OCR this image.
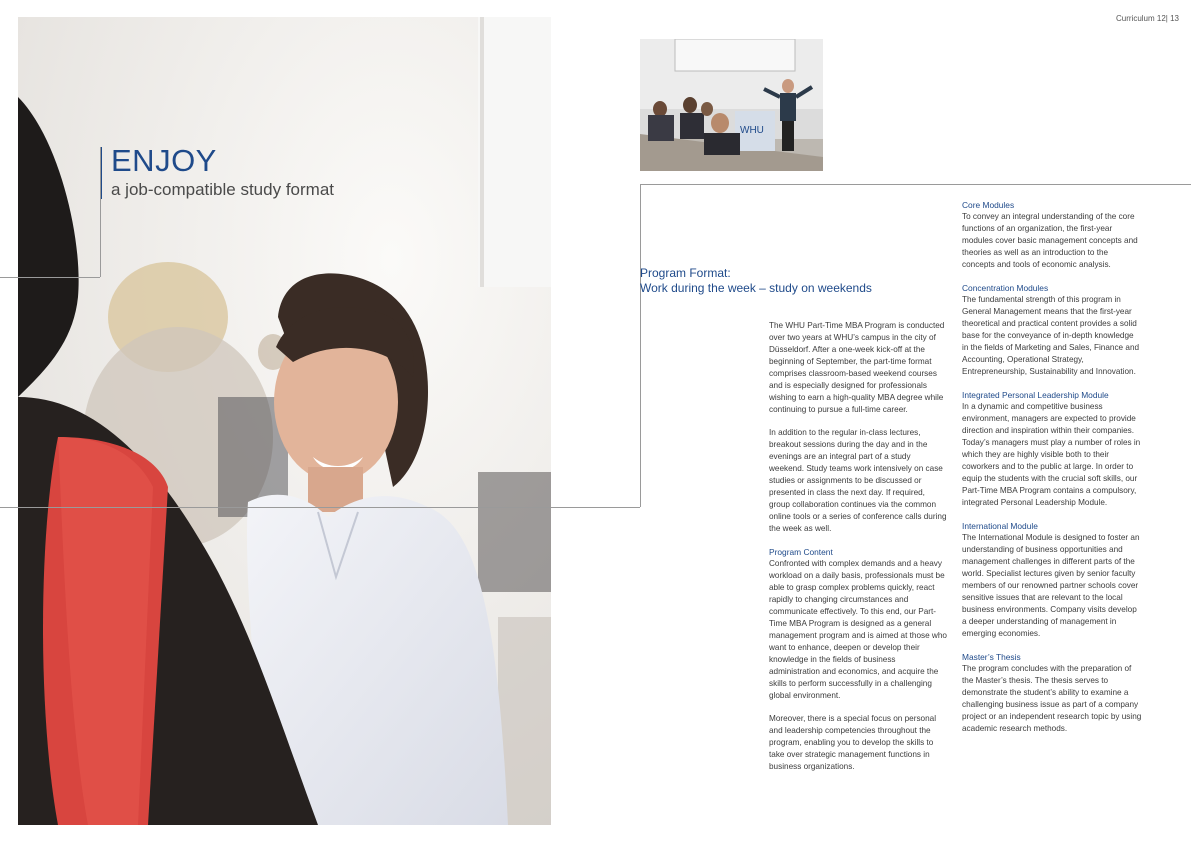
ENJOY
a job-compatible study format
Curriculum 12| 13
WHU
Program Format:
Work during the week – study on weekends

The WHU Part-Time MBA Program is conducted over two years at WHU’s campus in the city of Düsseldorf. After a one-week kick-off at the beginning of September, the part-time format comprises classroom-based weekend courses and is especially designed for professionals wishing to earn a high-quality MBA degree while continuing to pursue a full-time career.

In addition to the regular in-class lectures, breakout sessions during the day and in the evenings are an integral part of a study weekend. Study teams work intensively on case studies or assignments to be discussed or presented in class the next day. If required, group collaboration continues via the common online tools or a series of conference calls during the week as well.

Program Content

Confronted with complex demands and a heavy workload on a daily basis, professionals must be able to grasp complex problems quickly, react rapidly to changing circumstances and communicate effectively. To this end, our Part-Time MBA Program is designed as a general management program and is aimed at those who want to enhance, deepen or develop their knowledge in the fields of business administration and economics, and acquire the skills to perform successfully in a challenging global environment.

Moreover, there is a special focus on personal and leadership competencies throughout the program, enabling you to develop the skills to take over strategic management functions in business organizations.

Core Modules

To convey an integral understanding of the core functions of an organization, the first-year modules cover basic management concepts and theories as well as an introduction to the concepts and tools of economic analysis.

Concentration Modules

The fundamental strength of this program in General Management means that the first-year theoretical and practical content provides a solid base for the conveyance of in-depth knowledge in the fields of Marketing and Sales, Finance and Accounting, Operational Strategy, Entrepreneurship, Sustainability and Innovation.

Integrated Personal Leadership Module

In a dynamic and competitive business environment, managers are expected to provide direction and inspiration within their companies. Today’s managers must play a number of roles in which they are highly visible both to their coworkers and to the public at large. In order to equip the students with the crucial soft skills, our Part-Time MBA Program contains a compulsory, integrated Personal Leadership Module.

International Module

The International Module is designed to foster an understanding of business opportunities and management challenges in different parts of the world. Specialist lectures given by senior faculty members of our renowned partner schools cover sensitive issues that are relevant to the local business environments. Company visits develop a deeper understanding of management in emerging economies.

Master’s Thesis

The program concludes with the preparation of the Master’s thesis. The thesis serves to demonstrate the student’s ability to examine a challenging business issue as part of a company project or an independent research topic by using academic research methods.
